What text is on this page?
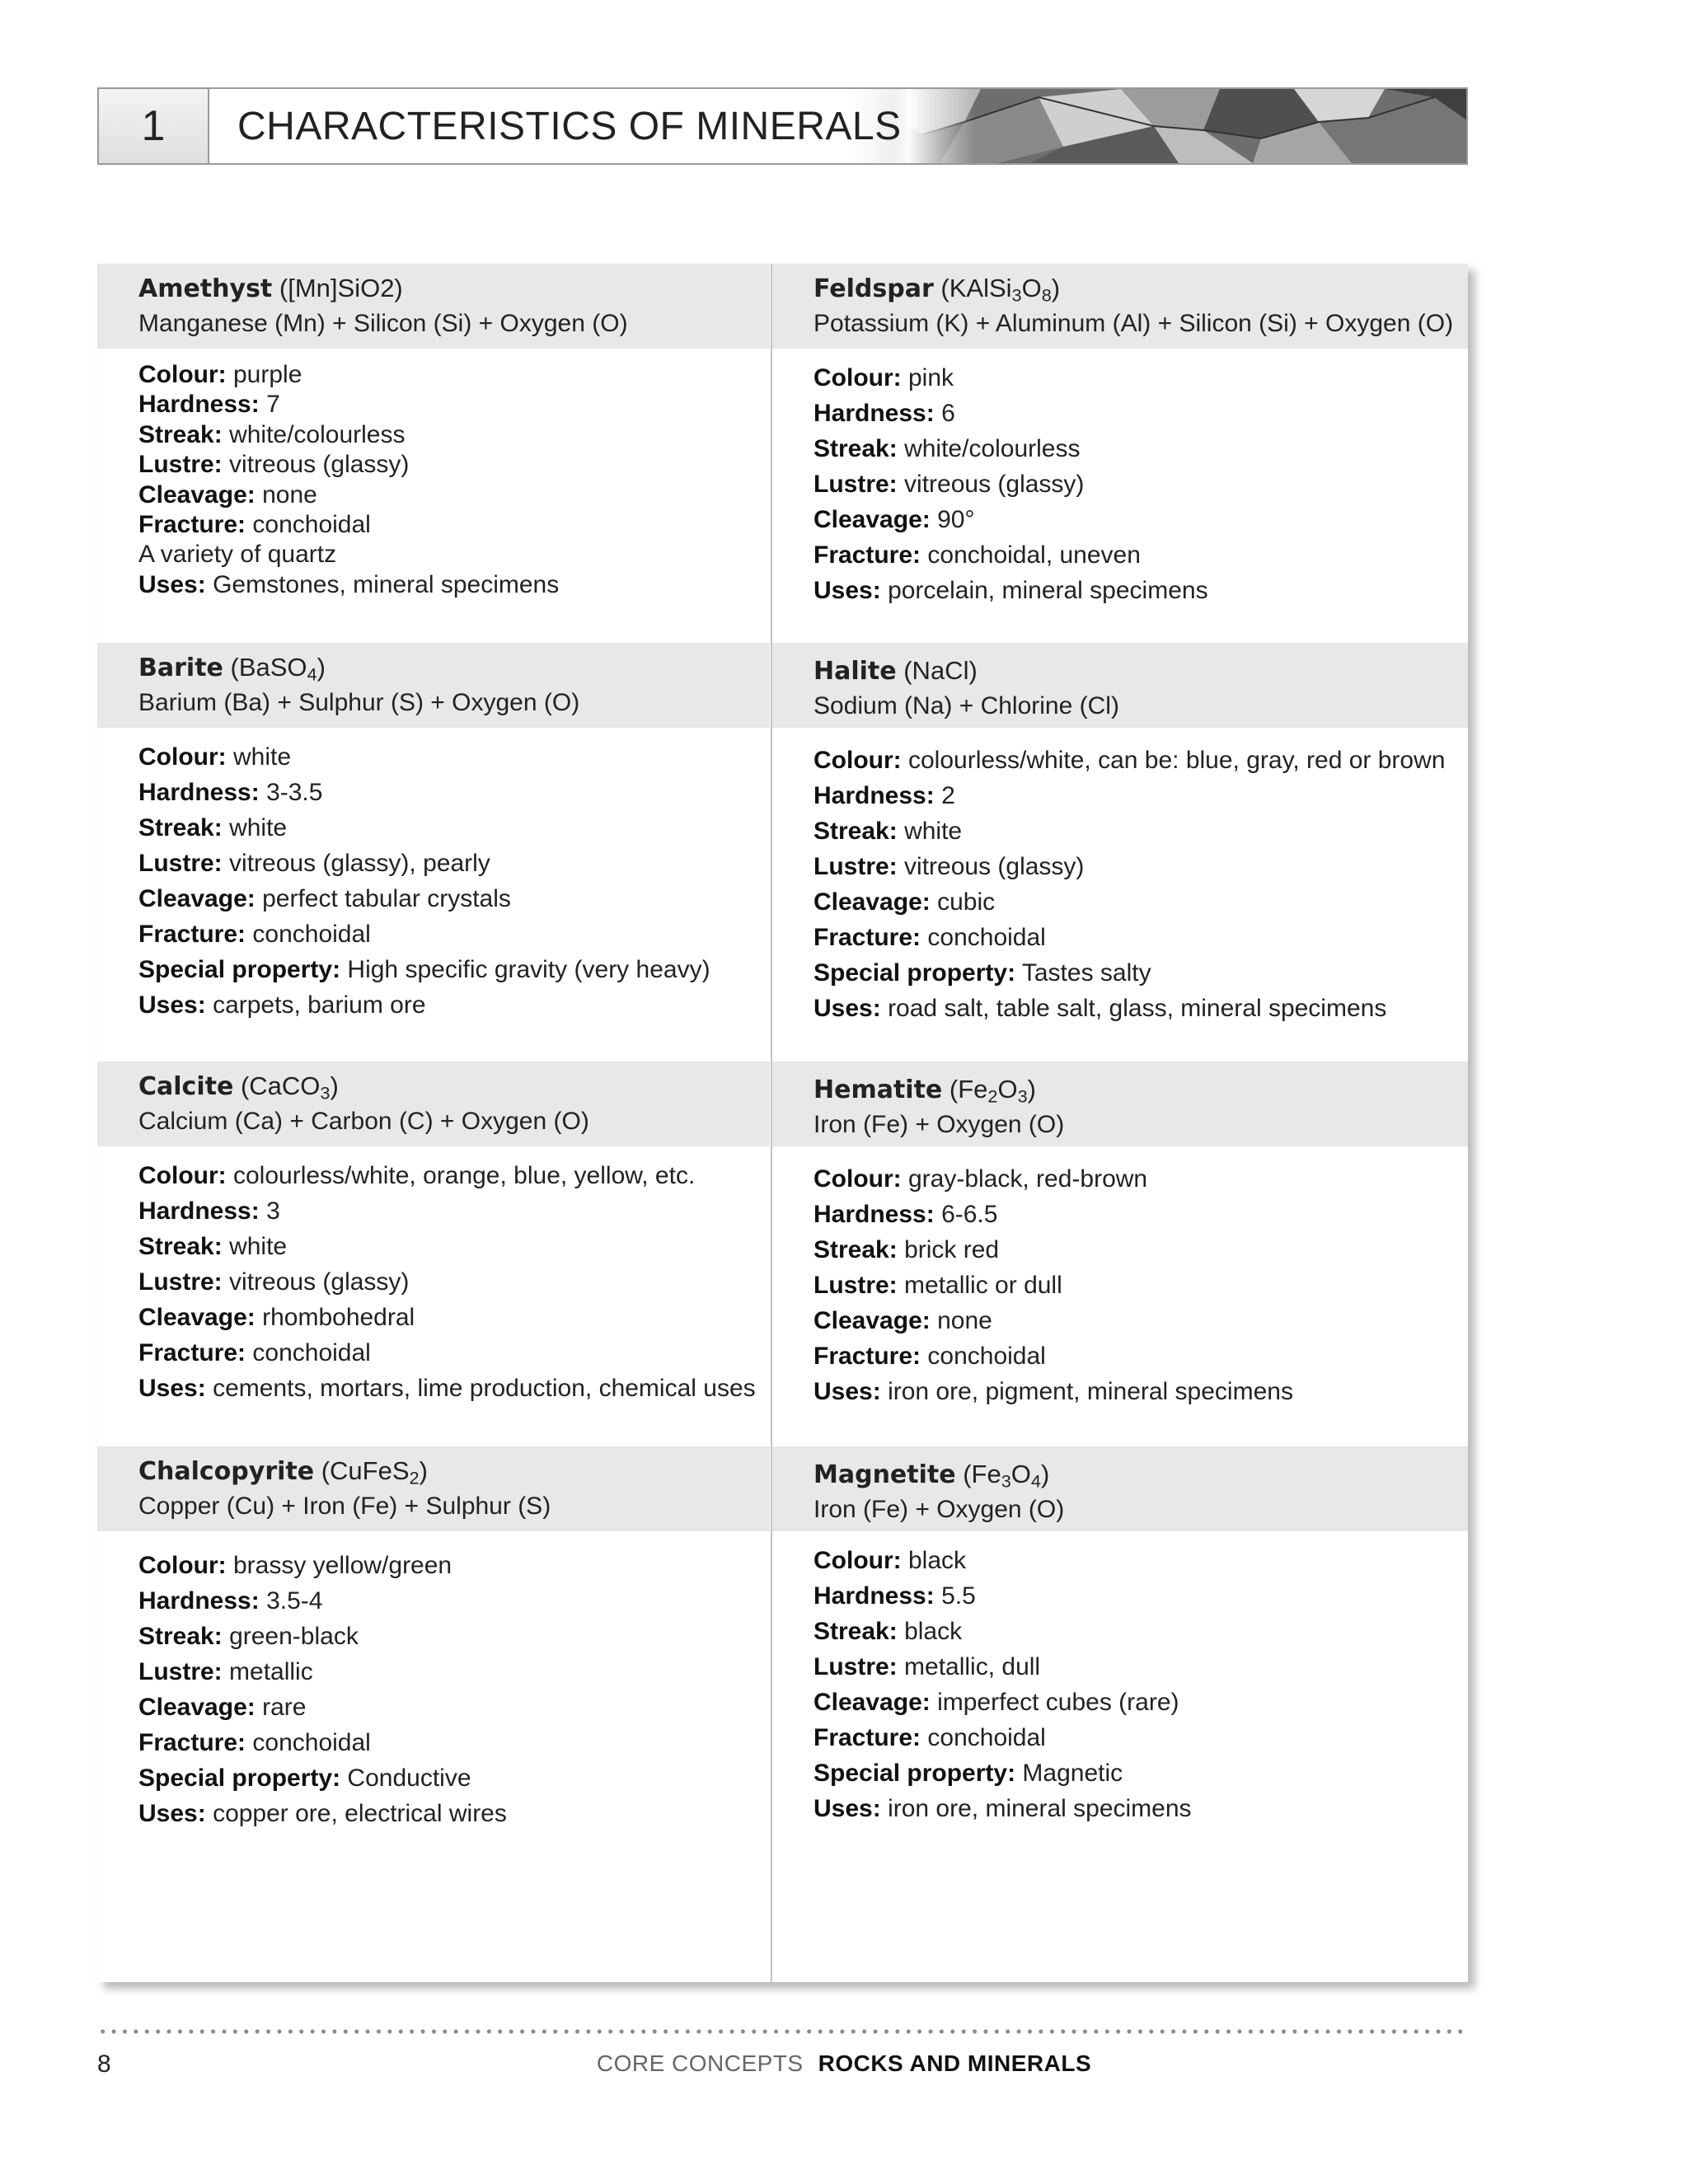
1	CHARACTERISTICS OF MINERALS
Amethyst ([Mn]SiO2)
Manganese (Mn) + Silicon (Si) + Oxygen (O)
Colour: purple
Hardness: 7
Streak: white/colourless
Lustre: vitreous (glassy)
Cleavage: none
Fracture: conchoidal
A variety of quartz
Uses: Gemstones, mineral specimens
Feldspar $(KAlSi_3O_8)$
Potassium (K) + Aluminum (Al) + Silicon (Si) + Oxygen (O)
Colour: pink
Hardness: 6
Streak: white/colourless
Lustre: vitreous (glassy)
Cleavage: 90°
Fracture: conchoidal, uneven
Uses: porcelain, mineral specimens
Barite (BaSO$_4$)
Barium (Ba) + Sulphur (S) + Oxygen (O)
Colour: white
Hardness: 3-3.5
Streak: white
Lustre: vitreous (glassy), pearly
Cleavage: perfect tabular crystals
Fracture: conchoidal
Special property: High specific gravity (very heavy)
Uses: carpets, barium ore
Halite (NaCl)
Sodium (Na) + Chlorine (Cl)
Colour: colourless/white, can be: blue, gray, red or brown
Hardness: 2
Streak: white
Lustre: vitreous (glassy)
Cleavage: cubic
Fracture: conchoidal
Special property: Tastes salty
Uses: road salt, table salt, glass, mineral specimens
Calcite (CaCO$_3$)
Calcium (Ca) + Carbon (C) + Oxygen (O)
Colour: colourless/white, orange, blue, yellow, etc.
Hardness: 3
Streak: white
Lustre: vitreous (glassy)
Cleavage: rhombohedral
Fracture: conchoidal
Uses: cements, mortars, lime production, chemical uses
Hematite $(Fe_2O_3)$
Iron (Fe) + Oxygen (O)
Colour: gray-black, red-brown
Hardness: 6-6.5
Streak: brick red
Lustre: metallic or dull
Cleavage: none
Fracture: conchoidal
Uses: iron ore, pigment, mineral specimens
Chalcopyrite (CuFeS$_2$)
Copper (Cu) + Iron (Fe) + Sulphur (S)
Colour: brassy yellow/green
Hardness: 3.5-4
Streak: green-black
Lustre: metallic
Cleavage: rare
Fracture: conchoidal
Special property: Conductive
Uses: copper ore, electrical wires
Magnetite $(Fe_3O_4)$
Iron (Fe) + Oxygen (O)
Colour: black
Hardness: 5.5
Streak: black
Lustre: metallic, dull
Cleavage: imperfect cubes (rare)
Fracture: conchoidal
Special property: Magnetic
Uses: iron ore, mineral specimens
8	CORE CONCEPTS ROCKS AND MINERALS
